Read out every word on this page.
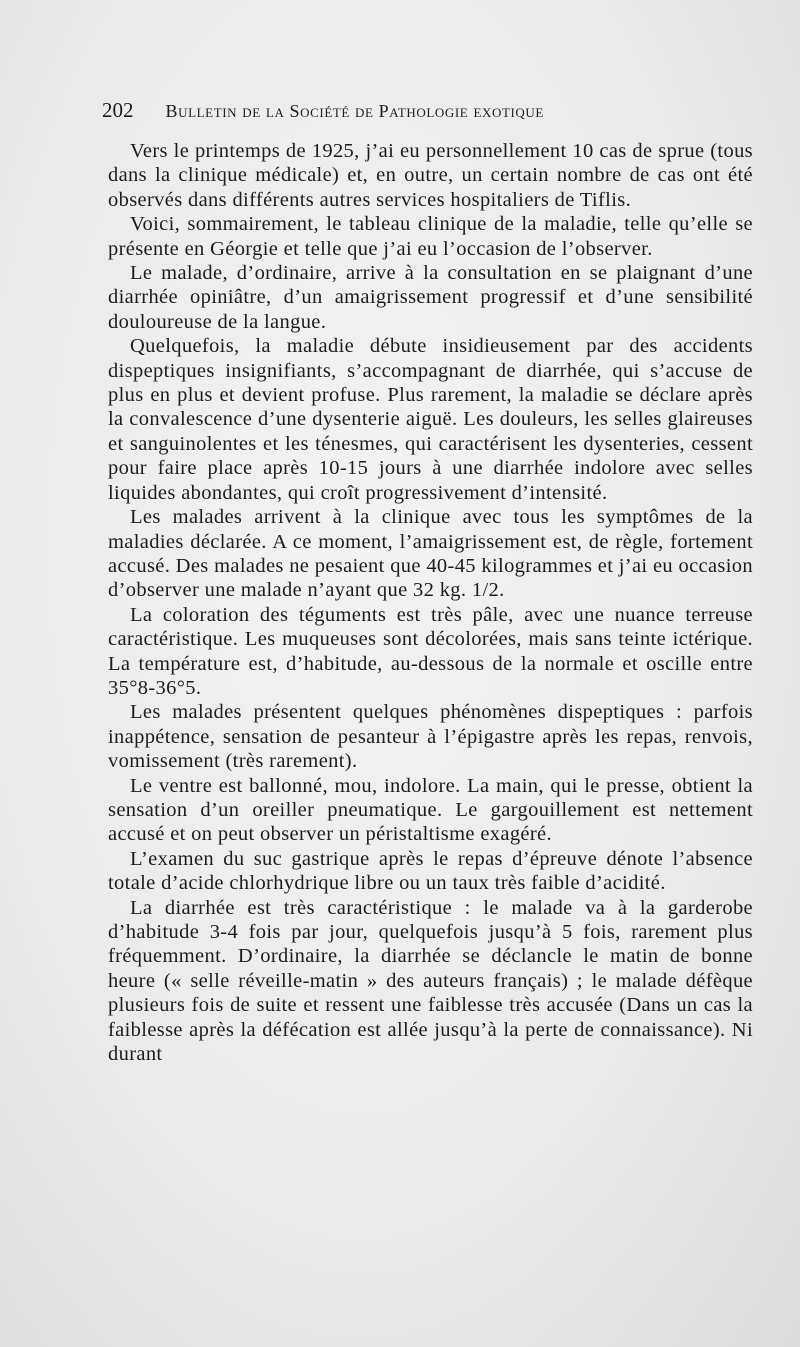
202 Bulletin de la Société de Pathologie exotique

Vers le printemps de 1925, j’ai eu personnellement 10 cas de sprue (tous dans la clinique médicale) et, en outre, un certain nombre de cas ont été observés dans différents autres services hospitaliers de Tiflis.

Voici, sommairement, le tableau clinique de la maladie, telle qu’elle se présente en Géorgie et telle que j’ai eu l’occasion de l’observer.

Le malade, d’ordinaire, arrive à la consultation en se plaignant d’une diarrhée opiniâtre, d’un amaigrissement progressif et d’une sensibilité douloureuse de la langue.

Quelquefois, la maladie débute insidieusement par des accidents dispeptiques insignifiants, s’accompagnant de diarrhée, qui s’accuse de plus en plus et devient profuse. Plus rarement, la maladie se déclare après la convalescence d’une dysenterie aiguë. Les douleurs, les selles glaireuses et sanguinolentes et les ténesmes, qui caractérisent les dysenteries, cessent pour faire place après 10-15 jours à une diarrhée indolore avec selles liquides abondantes, qui croît progressivement d’intensité.

Les malades arrivent à la clinique avec tous les symptômes de la maladies déclarée. A ce moment, l’amaigrissement est, de règle, fortement accusé. Des malades ne pesaient que 40-45 kilogrammes et j’ai eu occasion d’observer une malade n’ayant que 32 kg. 1/2.

La coloration des téguments est très pâle, avec une nuance terreuse caractéristique. Les muqueuses sont décolorées, mais sans teinte ictérique. La température est, d’habitude, au-dessous de la normale et oscille entre 35°8-36°5.

Les malades présentent quelques phénomènes dispeptiques : parfois inappétence, sensation de pesanteur à l’épigastre après les repas, renvois, vomissement (très rarement).

Le ventre est ballonné, mou, indolore. La main, qui le presse, obtient la sensation d’un oreiller pneumatique. Le gargouillement est nettement accusé et on peut observer un péristaltisme exagéré.

L’examen du suc gastrique après le repas d’épreuve dénote l’absence totale d’acide chlorhydrique libre ou un taux très faible d’acidité.

La diarrhée est très caractéristique : le malade va à la garderobe d’habitude 3-4 fois par jour, quelquefois jusqu’à 5 fois, rarement plus fréquemment. D’ordinaire, la diarrhée se déclancle le matin de bonne heure (« selle réveille-matin » des auteurs français) ; le malade défèque plusieurs fois de suite et ressent une faiblesse très accusée (Dans un cas la faiblesse après la défécation est allée jusqu’à la perte de connaissance). Ni durant
